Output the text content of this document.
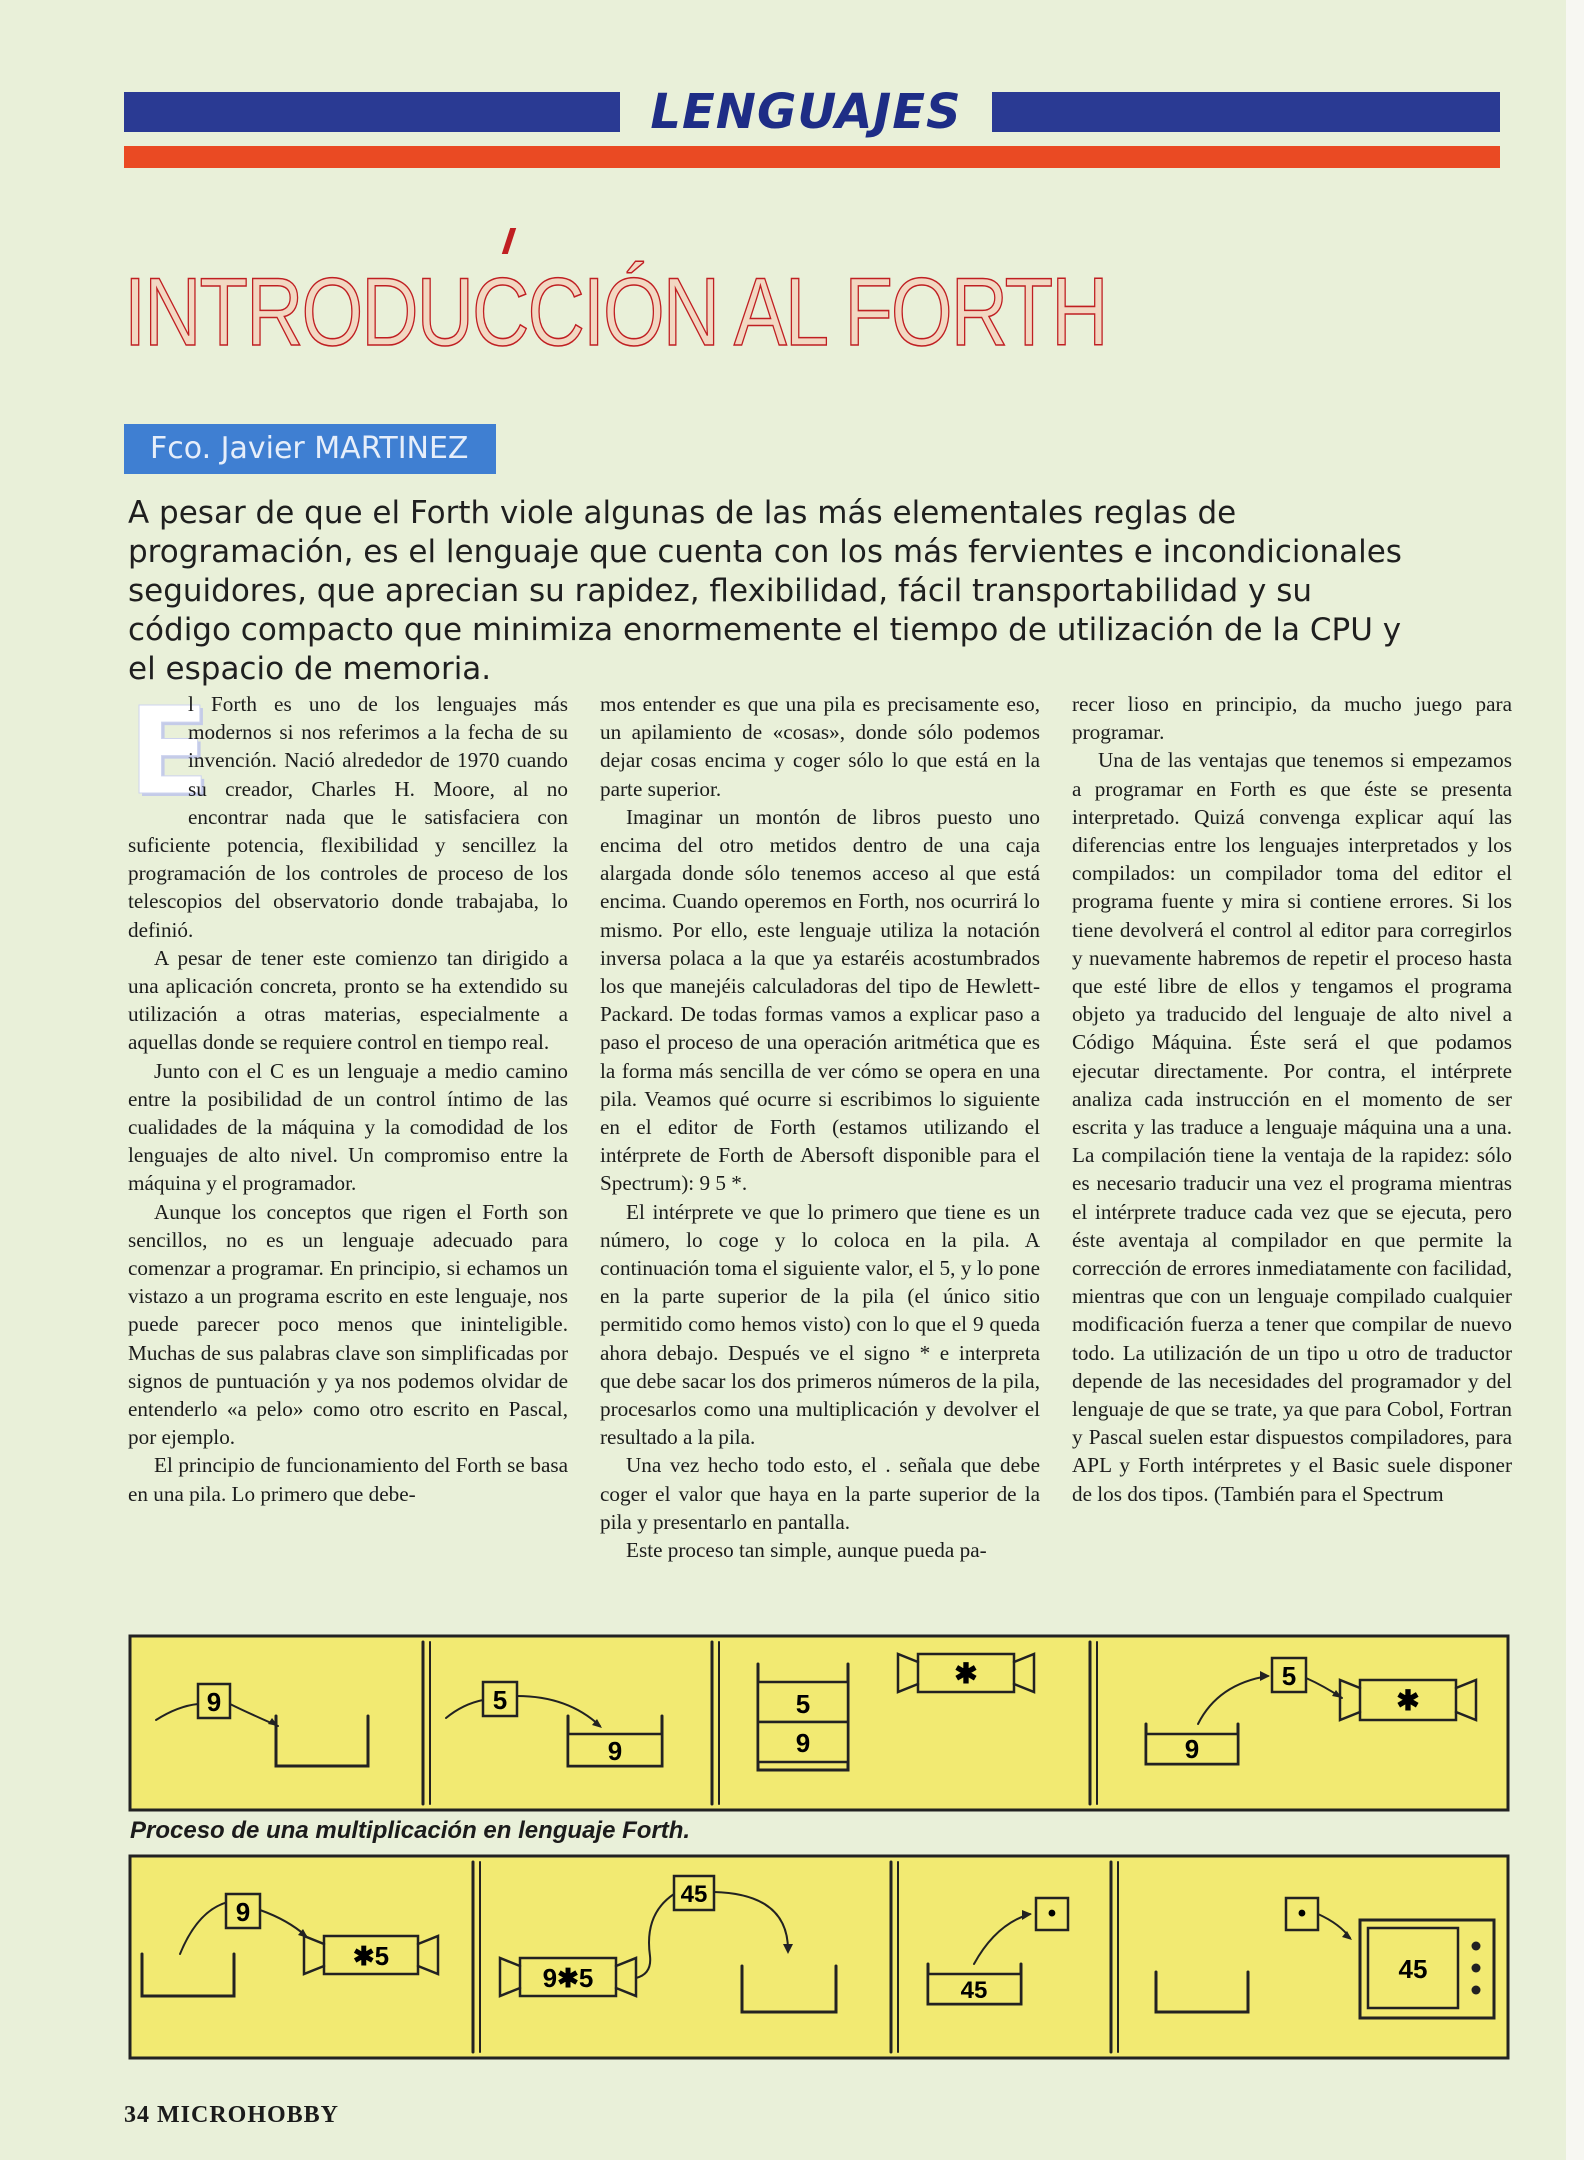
LENGUAJES
INTRODUCCIÓN AL FORTH
Fco. Javier MARTINEZ

A pesar de que el Forth viole algunas de las más elementales reglas de programación, es el lenguaje que cuenta con los más fervientes e incondicionales seguidores, que aprecian su rapidez, flexibilidad, fácil transportabilidad y su código compacto que minimiza enormemente el tiempo de utilización de la CPU y el espacio de memoria.

E
l Forth es uno de los lenguajes más modernos si nos referimos a la fecha de su invención. Nació alrededor de 1970 cuando su creador, Charles H. Moore, al no encontrar nada que le satisfaciera con suficiente potencia, flexibilidad y sencillez la programación de los controles de proceso de los telescopios del observatorio donde trabajaba, lo definió.

A pesar de tener este comienzo tan dirigido a una aplicación concreta, pronto se ha extendido su utilización a otras materias, especialmente a aquellas donde se requiere control en tiempo real.

Junto con el C es un lenguaje a medio camino entre la posibilidad de un control íntimo de las cualidades de la máquina y la comodidad de los lenguajes de alto nivel. Un compromiso entre la máquina y el programador.

Aunque los conceptos que rigen el Forth son sencillos, no es un lenguaje adecuado para comenzar a programar. En principio, si echamos un vistazo a un programa escrito en este lenguaje, nos puede parecer poco menos que ininteligible. Muchas de sus palabras clave son simplificadas por signos de puntuación y ya nos podemos olvidar de entenderlo «a pelo» como otro escrito en Pascal, por ejemplo.

El principio de funcionamiento del Forth se basa en una pila. Lo primero que debe-

mos entender es que una pila es precisamente eso, un apilamiento de «cosas», donde sólo podemos dejar cosas encima y coger sólo lo que está en la parte superior.

Imaginar un montón de libros puesto uno encima del otro metidos dentro de una caja alargada donde sólo tenemos acceso al que está encima. Cuando operemos en Forth, nos ocurrirá lo mismo. Por ello, este lenguaje utiliza la notación inversa polaca a la que ya estaréis acostumbrados los que manejéis calculadoras del tipo de Hewlett-Packard. De todas formas vamos a explicar paso a paso el proceso de una operación aritmética que es la forma más sencilla de ver cómo se opera en una pila. Veamos qué ocurre si escribimos lo siguiente en el editor de Forth (estamos utilizando el intérprete de Forth de Abersoft disponible para el Spectrum): 9 5 *.

El intérprete ve que lo primero que tiene es un número, lo coge y lo coloca en la pila. A continuación toma el siguiente valor, el 5, y lo pone en la parte superior de la pila (el único sitio permitido como hemos visto) con lo que el 9 queda ahora debajo. Después ve el signo * e interpreta que debe sacar los dos primeros números de la pila, procesarlos como una multiplicación y devolver el resultado a la pila.

Una vez hecho todo esto, el . señala que debe coger el valor que haya en la parte superior de la pila y presentarlo en pantalla.

Este proceso tan simple, aunque pueda pa-

recer lioso en principio, da mucho juego para programar.

Una de las ventajas que tenemos si empezamos a programar en Forth es que éste se presenta interpretado. Quizá convenga explicar aquí las diferencias entre los lenguajes interpretados y los compilados: un compilador toma del editor el programa fuente y mira si contiene errores. Si los tiene devolverá el control al editor para corregirlos y nuevamente habremos de repetir el proceso hasta que esté libre de ellos y tengamos el programa objeto ya traducido del lenguaje de alto nivel a Código Máquina. Éste será el que podamos ejecutar directamente. Por contra, el intérprete analiza cada instrucción en el momento de ser escrita y las traduce a lenguaje máquina una a una. La compilación tiene la ventaja de la rapidez: sólo es necesario traducir una vez el programa mientras el intérprete traduce cada vez que se ejecuta, pero éste aventaja al compilador en que permite la corrección de errores inmediatamente con facilidad, mientras que con un lenguaje compilado cualquier modificación fuerza a tener que compilar de nuevo todo. La utilización de un tipo u otro de traductor depende de las necesidades del programador y del lenguaje de que se trate, ya que para Cobol, Fortran y Pascal suelen estar dispuestos compiladores, para APL y Forth intérpretes y el Basic suele disponer de los dos tipos. (También para el Spectrum

9	5
9
5
9
✱
9
5
✱
Proceso de una multiplicación en lenguaje Forth.
9
✱5
9✱5
45
45
•	•
45
34 MICROHOBBY
